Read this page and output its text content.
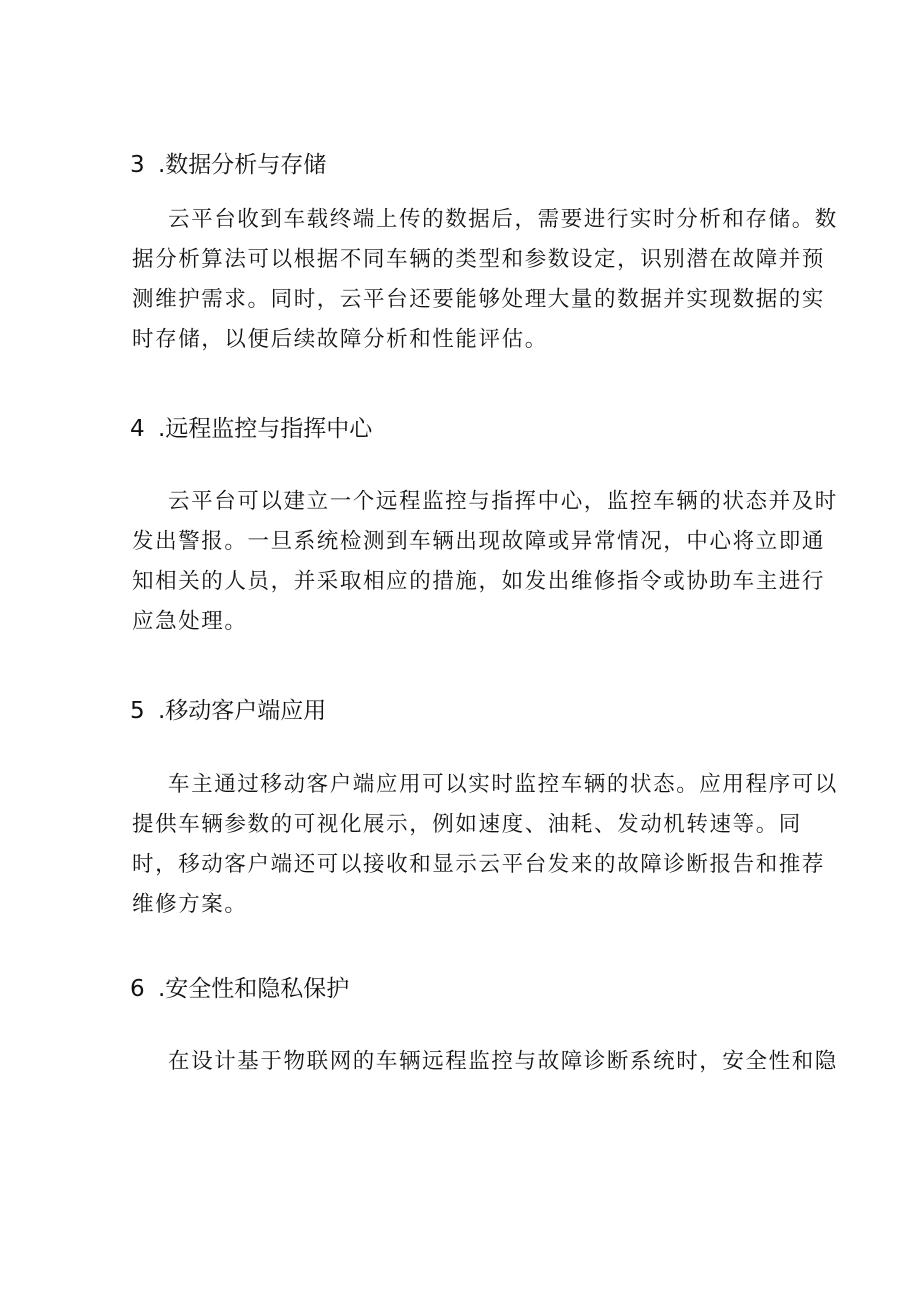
3 .数据分析与存储
云平台收到车载终端上传的数据后，需要进行实时分析和存储。数
据分析算法可以根据不同车辆的类型和参数设定，识别潜在故障并预
测维护需求。同时，云平台还要能够处理大量的数据并实现数据的实
时存储，以便后续故障分析和性能评估。
4 .远程监控与指挥中心
云平台可以建立一个远程监控与指挥中心，监控车辆的状态并及时
发出警报。一旦系统检测到车辆出现故障或异常情况，中心将立即通
知相关的人员，并采取相应的措施，如发出维修指令或协助车主进行
应急处理。
5 .移动客户端应用
车主通过移动客户端应用可以实时监控车辆的状态。应用程序可以
提供车辆参数的可视化展示，例如速度、油耗、发动机转速等。同
时，移动客户端还可以接收和显示云平台发来的故障诊断报告和推荐
维修方案。
6 .安全性和隐私保护
在设计基于物联网的车辆远程监控与故障诊断系统时，安全性和隐
